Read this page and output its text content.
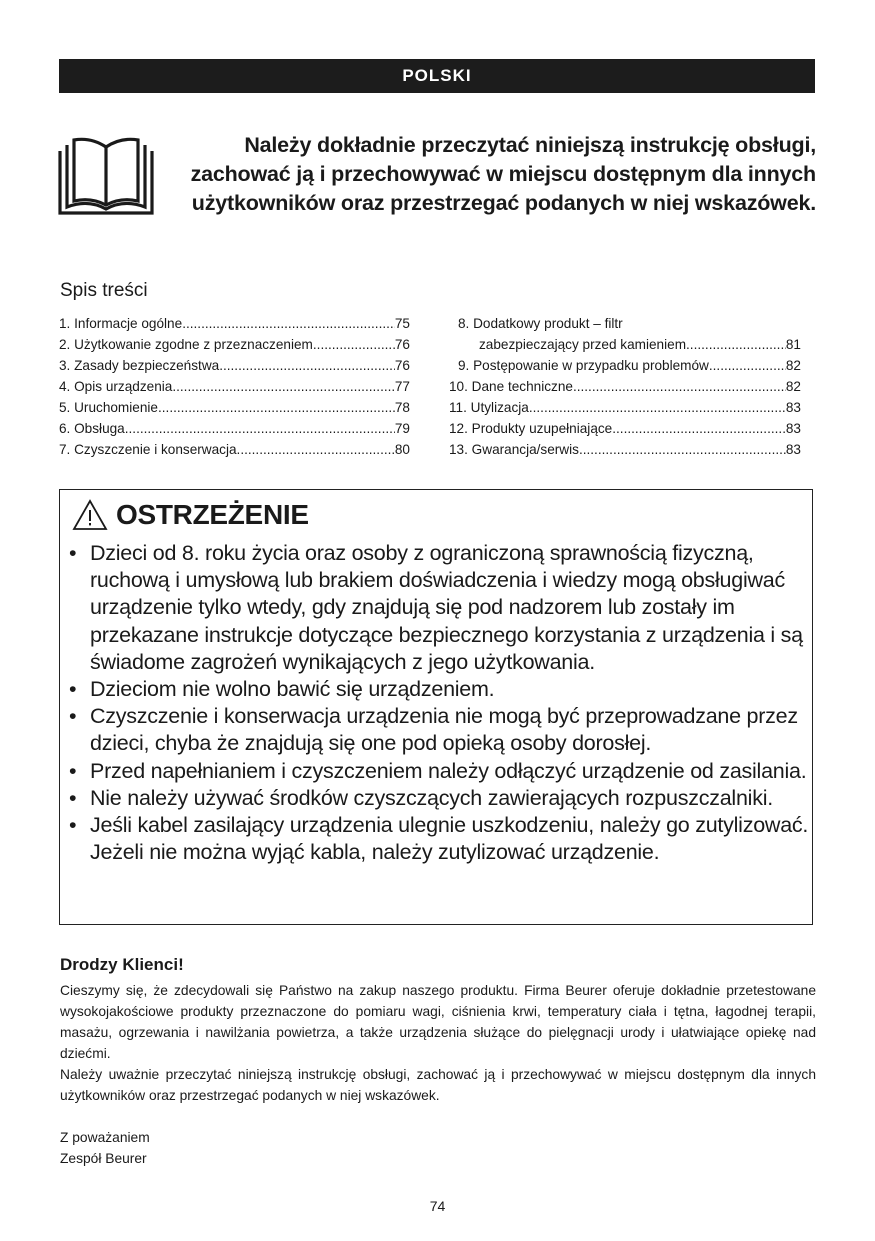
POLSKI
Należy dokładnie przeczytać niniejszą instrukcję obsługi,
zachować ją i przechowywać w miejscu dostępnym dla innych
użytkowników oraz przestrzegać podanych w niej wskazówek.
Spis treści
1. Informacje ogólne .....	75
2. Użytkowanie zgodne z przeznaczeniem .....	76
3. Zasady bezpieczeństwa .....	76
4. Opis urządzenia .....	77
5. Uruchomienie .....	78
6. Obsługa .....	79
7. Czyszczenie i konserwacja .....	80
8. Dodatkowy produkt – filtr
zabezpieczający przed kamieniem .....	81
9. Postępowanie w przypadku problemów .....	82
10. Dane techniczne .....	82
11. Utylizacja .....	83
12. Produkty uzupełniające .....	83
13. Gwarancja/serwis .....	83
OSTRZEŻENIE
• Dzieci od 8. roku życia oraz osoby z ograniczoną sprawnością fizyczną, ruchową i umysłową lub brakiem doświadczenia i wiedzy mogą obsługiwać urządzenie tylko wtedy, gdy znajdują się pod nadzorem lub zostały im przekazane instrukcje dotyczące bezpiecznego korzystania z urządzenia i są świadome zagrożeń wynikających z jego użytkowania.
• Dzieciom nie wolno bawić się urządzeniem.
• Czyszczenie i konserwacja urządzenia nie mogą być przeprowadzane przez dzieci, chyba że znajdują się one pod opieką osoby dorosłej.
• Przed napełnianiem i czyszczeniem należy odłączyć urządzenie od zasilania.
• Nie należy używać środków czyszczących zawierających rozpuszczalniki.
• Jeśli kabel zasilający urządzenia ulegnie uszkodzeniu, należy go zutylizować. Jeżeli nie można wyjąć kabla, należy zutylizować urządzenie.
Drodzy Klienci!

Cieszymy się, że zdecydowali się Państwo na zakup naszego produktu. Firma Beurer oferuje dokładnie przetestowane wysokojakościowe produkty przeznaczone do pomiaru wagi, ciśnienia krwi, temperatury ciała i tętna, łagodnej terapii, masażu, ogrzewania i nawilżania powietrza, a także urządzenia służące do pielęgnacji urody i ułatwiające opiekę nad dziećmi.

Należy uważnie przeczytać niniejszą instrukcję obsługi, zachować ją i przechowywać w miejscu dostępnym dla innych użytkowników oraz przestrzegać podanych w niej wskazówek.

Z poważaniem
Zespół Beurer
74
